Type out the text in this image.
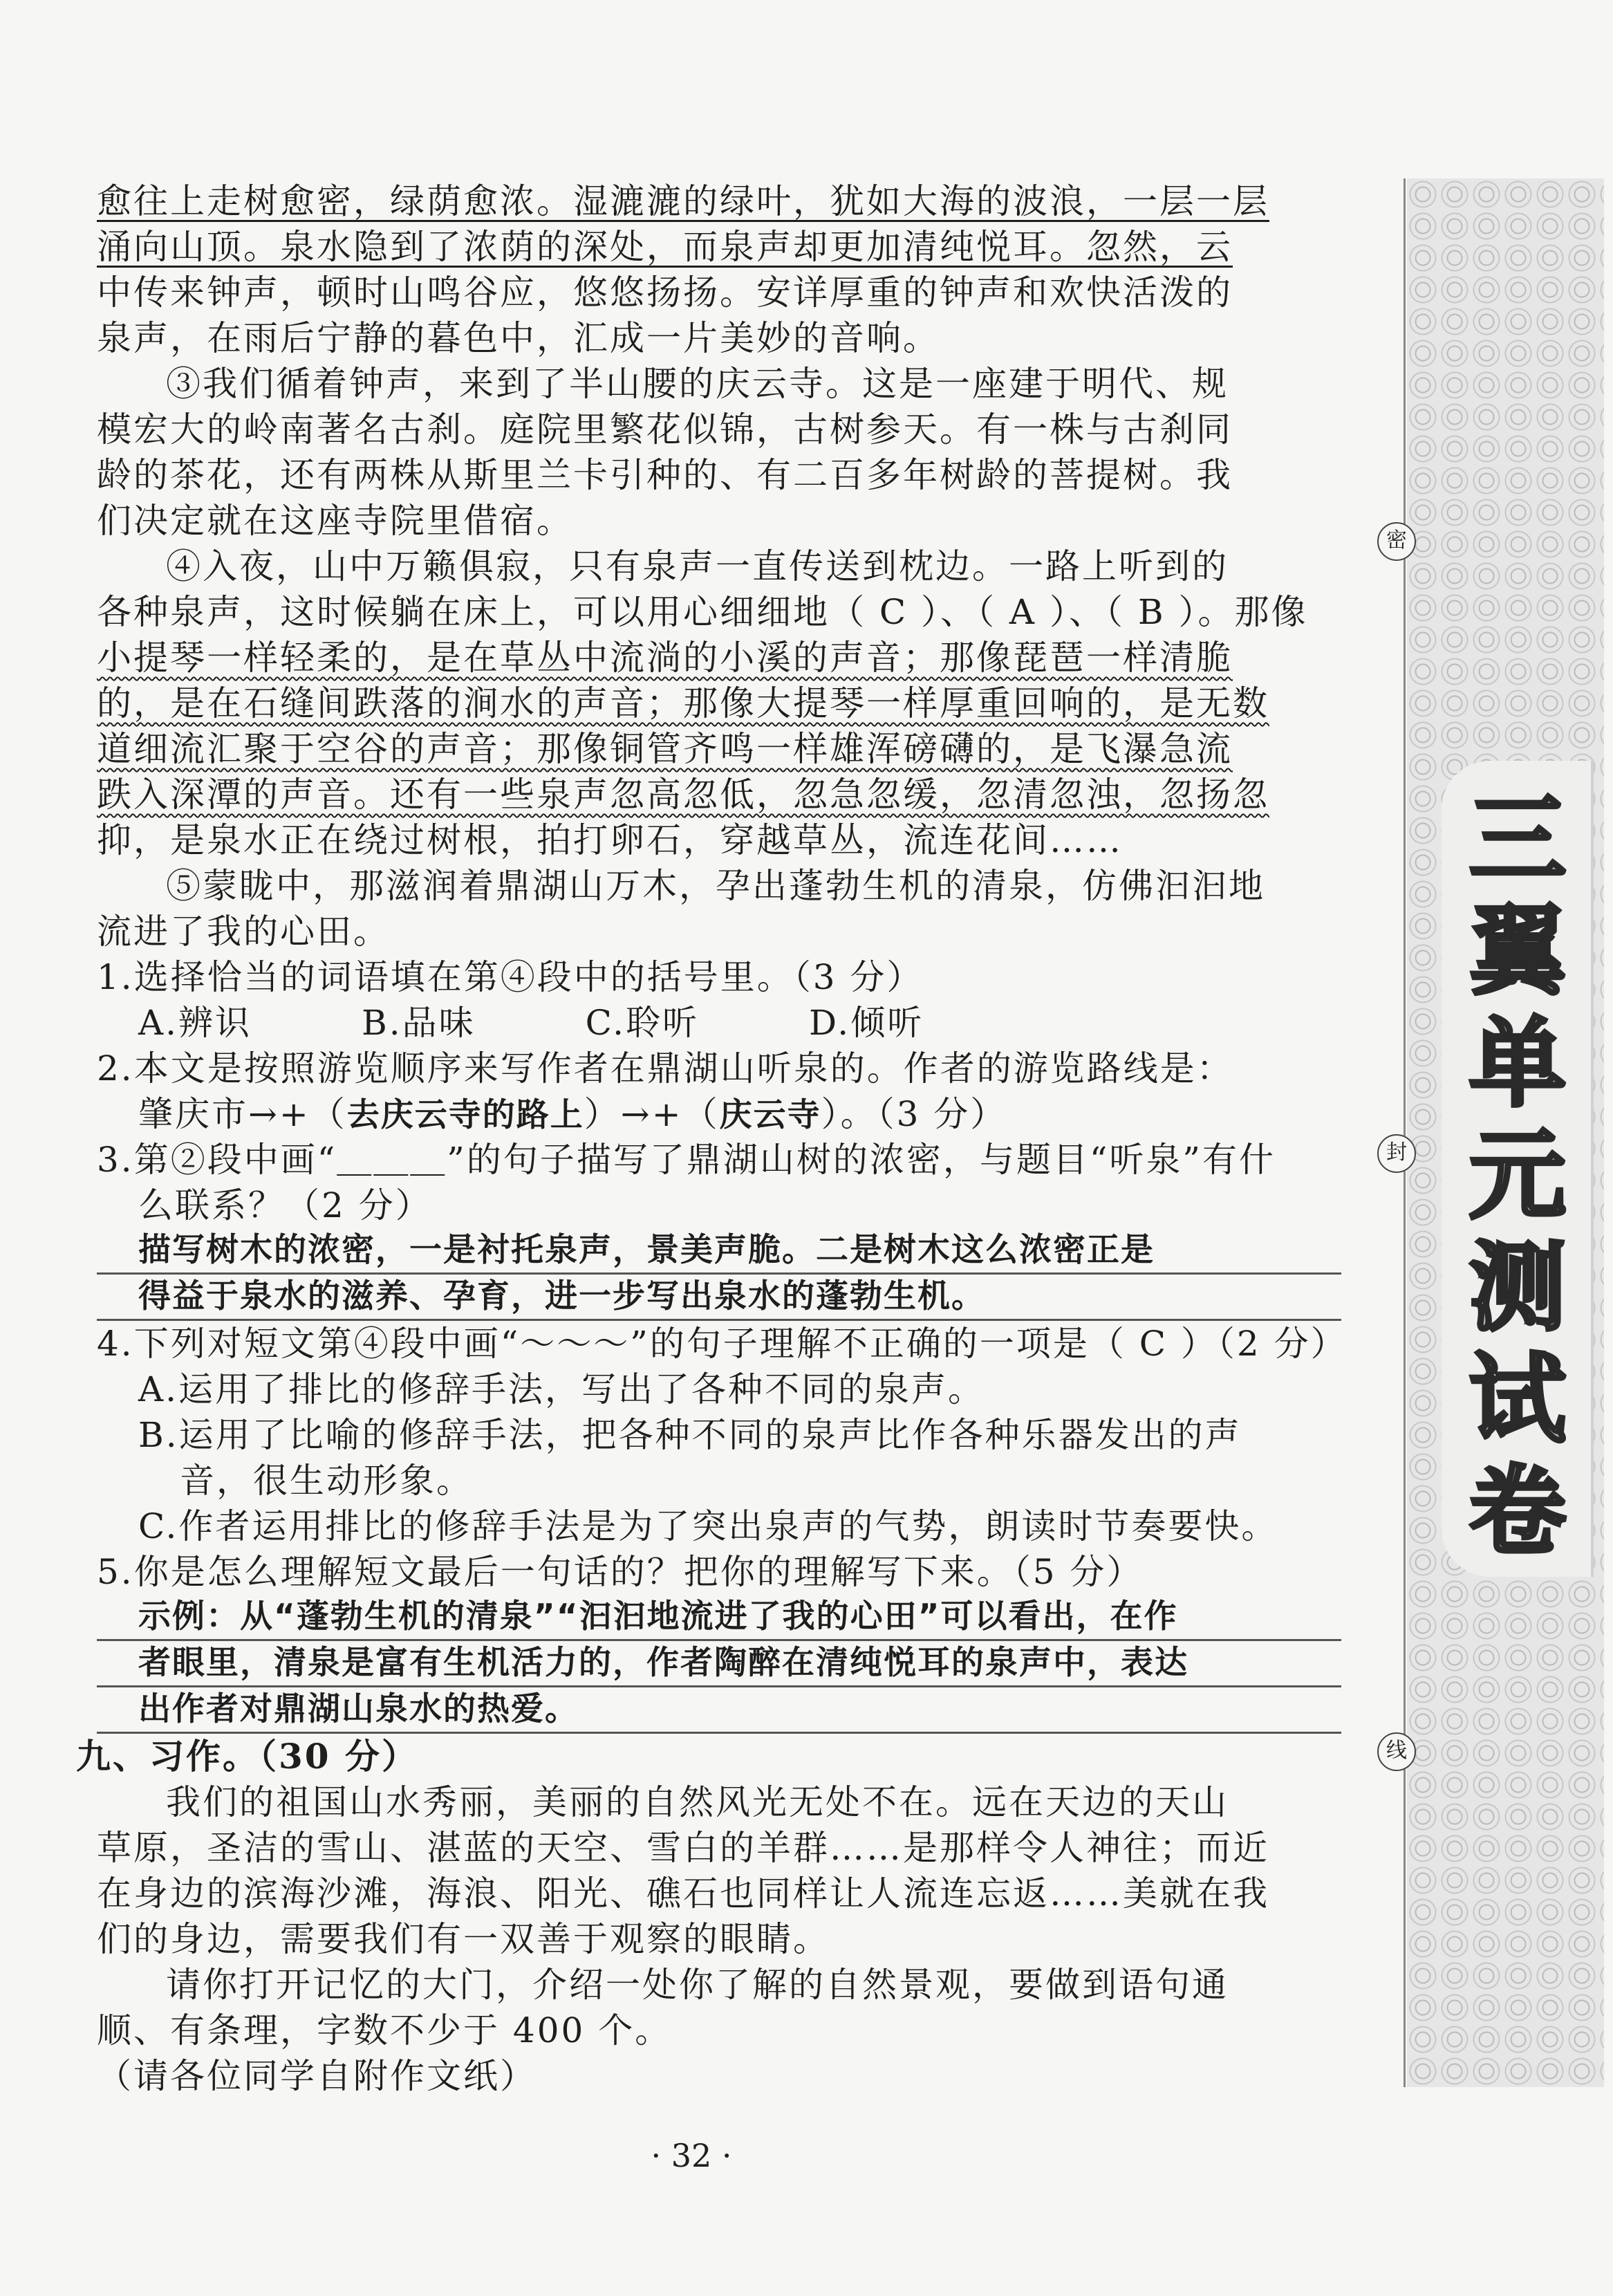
三
翼
单
元
测
试
卷
密
封
线
愈往上走树愈密，绿荫愈浓。湿漉漉的绿叶，犹如大海的波浪，一层一层
涌向山顶。泉水隐到了浓荫的深处，而泉声却更加清纯悦耳。忽然，云
中传来钟声，顿时山鸣谷应，悠悠扬扬。安详厚重的钟声和欢快活泼的
泉声，在雨后宁静的暮色中，汇成一片美妙的音响。
③我们循着钟声，来到了半山腰的庆云寺。这是一座建于明代、规
模宏大的岭南著名古刹。庭院里繁花似锦，古树参天。有一株与古刹同
龄的茶花，还有两株从斯里兰卡引种的、有二百多年树龄的菩提树。我
们决定就在这座寺院里借宿。
④入夜，山中万籁俱寂，只有泉声一直传送到枕边。一路上听到的
各种泉声，这时候躺在床上，可以用心细细地（ C ）、（ A ）、（ B ）。那像
小提琴一样轻柔的，是在草丛中流淌的小溪的声音；那像琵琶一样清脆
的，是在石缝间跌落的涧水的声音；那像大提琴一样厚重回响的，是无数
道细流汇聚于空谷的声音；那像铜管齐鸣一样雄浑磅礴的，是飞瀑急流
跌入深潭的声音。还有一些泉声忽高忽低，忽急忽缓，忽清忽浊，忽扬忽
抑，是泉水正在绕过树根，拍打卵石，穿越草丛，流连花间……
⑤蒙眬中，那滋润着鼎湖山万木，孕出蓬勃生机的清泉，仿佛汩汩地
流进了我的心田。
1.选择恰当的词语填在第④段中的括号里。（3 分）
A.辨识　　　B.品味　　　C.聆听　　　D.倾听
2.本文是按照游览顺序来写作者在鼎湖山听泉的。作者的游览路线是：
肇庆市→+（去庆云寺的路上）→+（庆云寺）。（3 分）
3.第②段中画“＿＿＿”的句子描写了鼎湖山树的浓密，与题目“听泉”有什
么联系？（2 分）
描写树木的浓密，一是衬托泉声，景美声脆。二是树木这么浓密正是
得益于泉水的滋养、孕育，进一步写出泉水的蓬勃生机。
4.下列对短文第④段中画“～～～”的句子理解不正确的一项是（ C ）（2 分）
A.运用了排比的修辞手法，写出了各种不同的泉声。
B.运用了比喻的修辞手法，把各种不同的泉声比作各种乐器发出的声
音，很生动形象。
C.作者运用排比的修辞手法是为了突出泉声的气势，朗读时节奏要快。
5.你是怎么理解短文最后一句话的？把你的理解写下来。（5 分）
示例：从“蓬勃生机的清泉”“汩汩地流进了我的心田”可以看出，在作
者眼里，清泉是富有生机活力的，作者陶醉在清纯悦耳的泉声中，表达
出作者对鼎湖山泉水的热爱。
九、习作。（30 分）
我们的祖国山水秀丽，美丽的自然风光无处不在。远在天边的天山
草原，圣洁的雪山、湛蓝的天空、雪白的羊群……是那样令人神往；而近
在身边的滨海沙滩，海浪、阳光、礁石也同样让人流连忘返……美就在我
们的身边，需要我们有一双善于观察的眼睛。
请你打开记忆的大门，介绍一处你了解的自然景观，要做到语句通
顺、有条理，字数不少于 400 个。
（请各位同学自附作文纸）
· 32 ·
